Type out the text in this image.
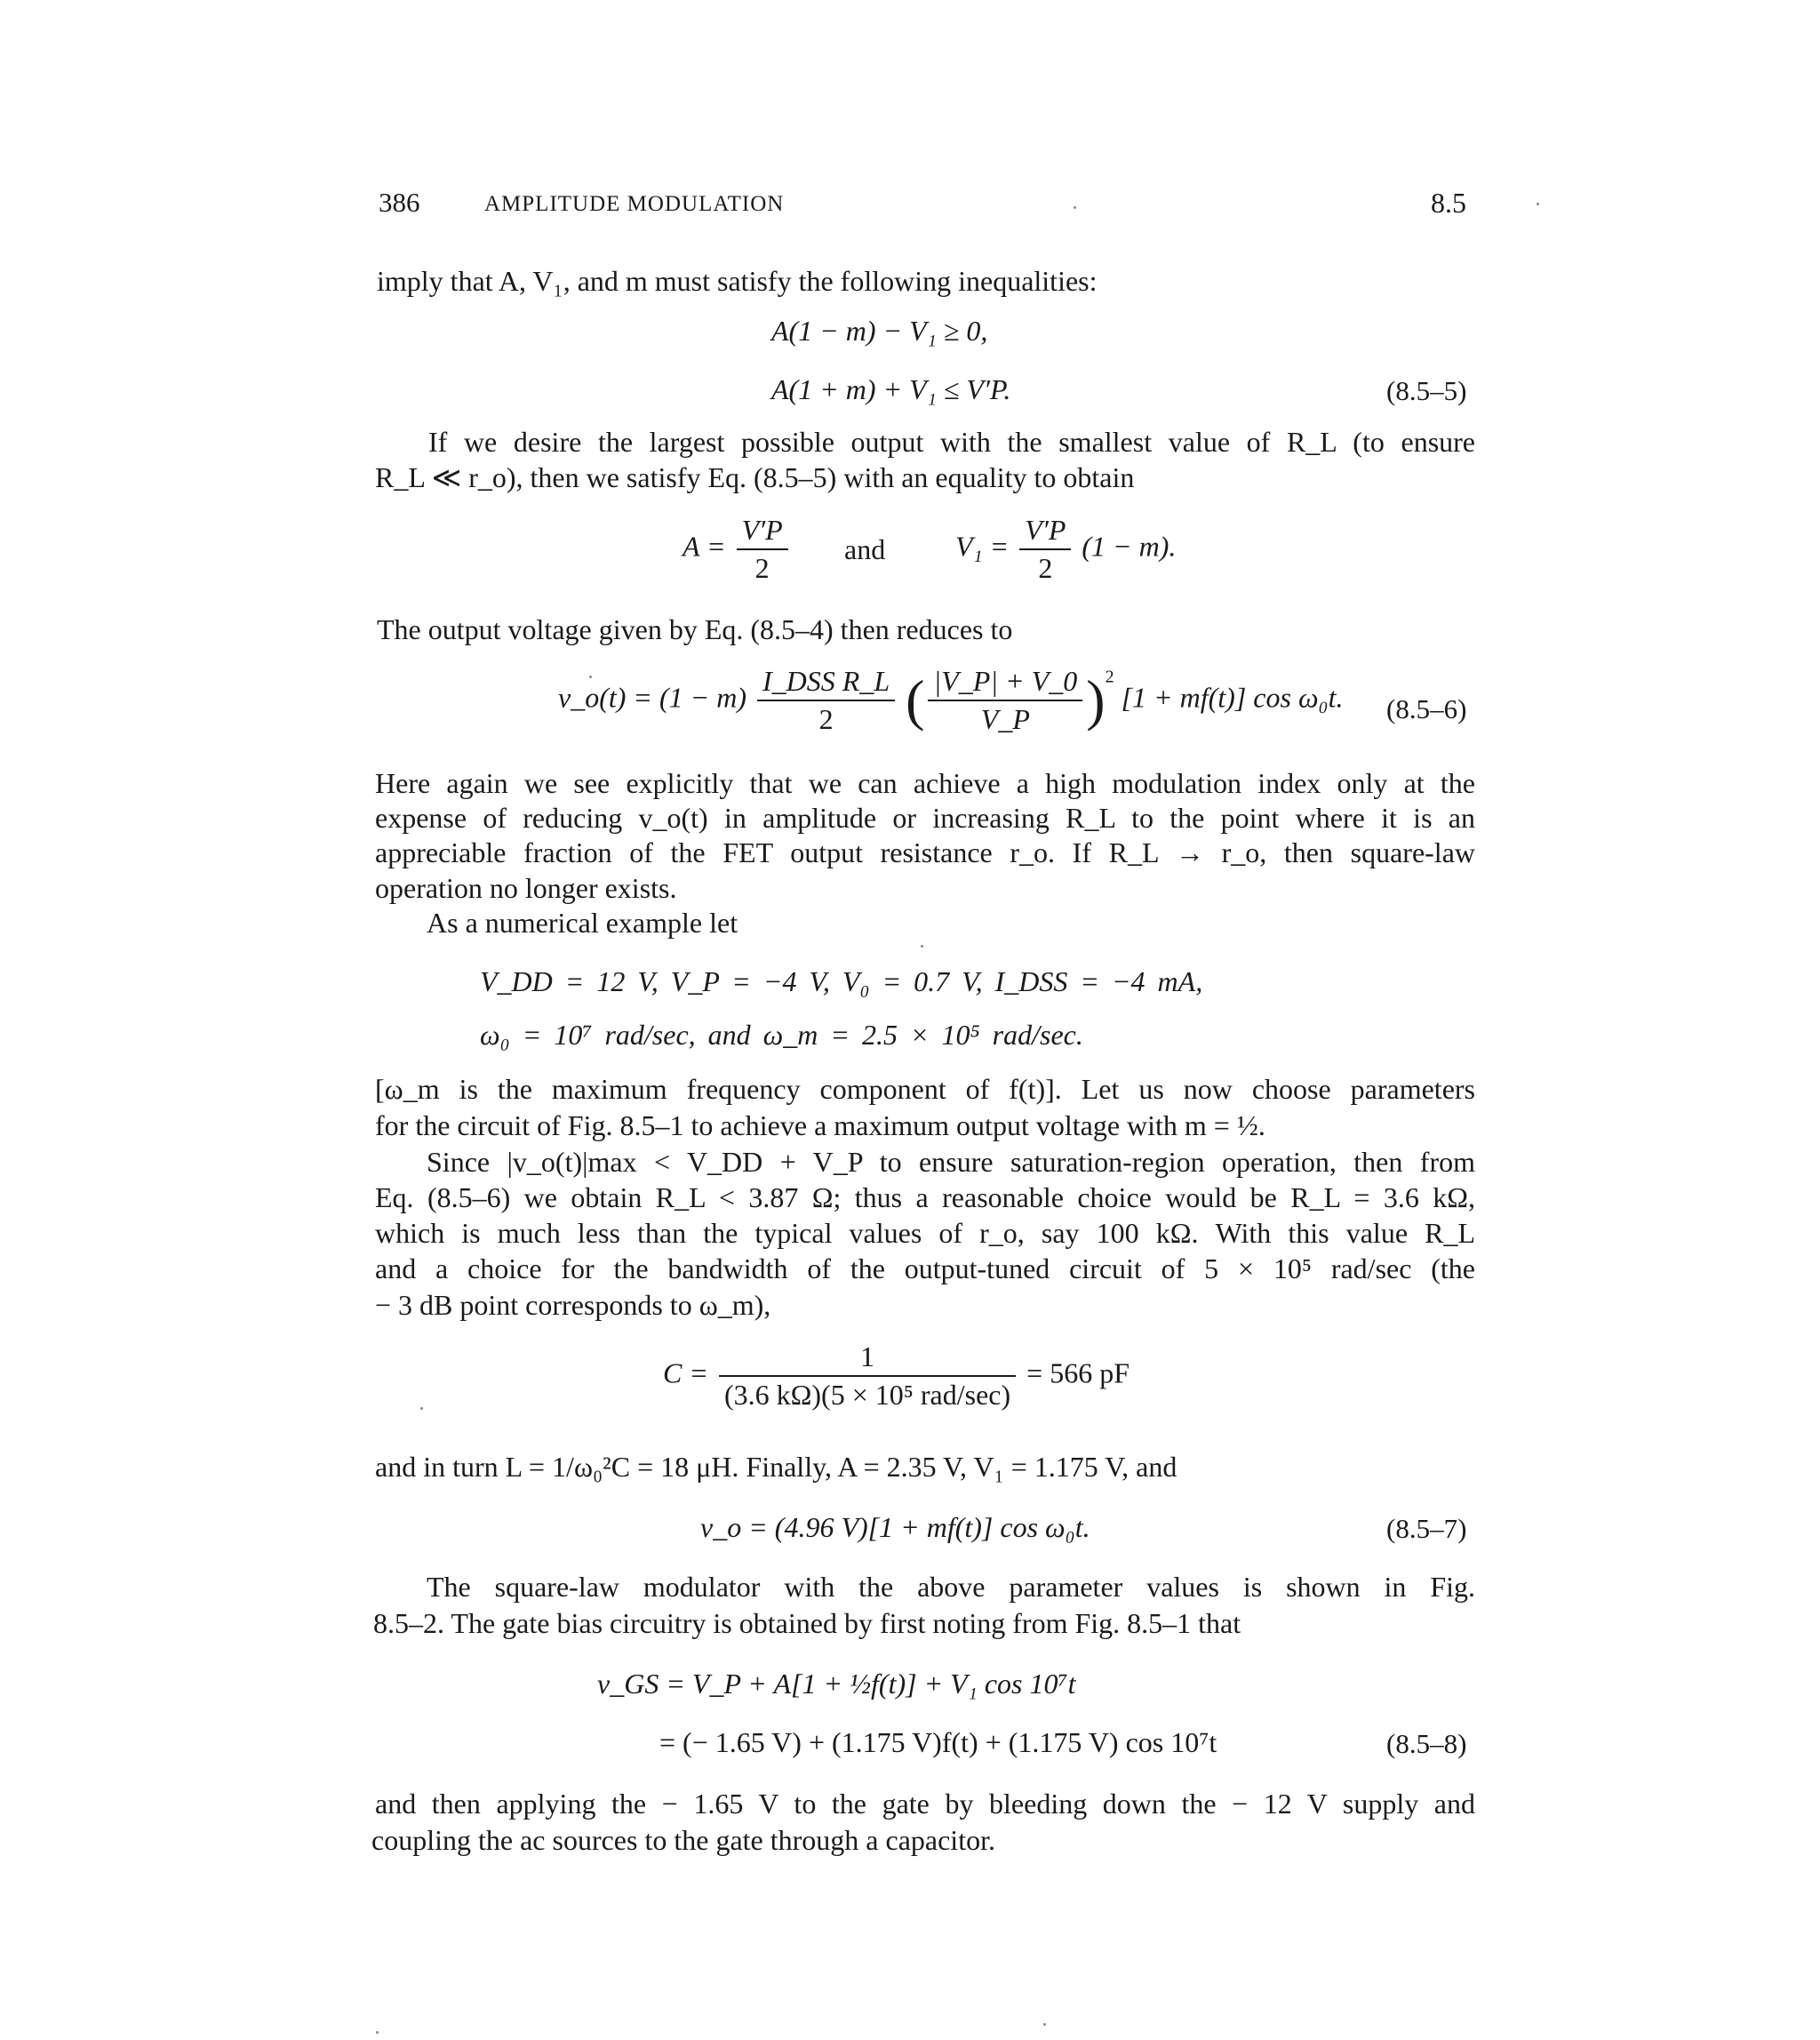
386	AMPLITUDE MODULATION	8.5
imply that A, V₁, and m must satisfy the following inequalities:
A(1 − m) − V₁ ≥ 0,
A(1 + m) + V₁ ≤ V′P.	(8.5–5)
If we desire the largest possible output with the smallest value of R_L (to ensure
R_L ≪ r_o), then we satisfy Eq. (8.5–5) with an equality to obtain
$A = \frac{V'P}{2}$ and $V_1 = \frac{V'P}{2} (1 - m)$.
The output voltage given by Eq. (8.5–4) then reduces to
v_o(t) = $(1 - m) \frac{\text{I\_DSS R\_L}}{2}$ ( $\frac{|V\_P| + V\_0}{V\_P} )^2$ [1 + mf(t)] cos ω₀t. (8.5–6)
Here again we see explicitly that we can achieve a high modulation index only at the
expense of reducing v_o(t) in amplitude or increasing R_L to the point where it is an
appreciable fraction of the FET output resistance r_o. If R_L → r_o, then square-law
operation no longer exists.
As a numerical example let
V_DD = 12 V, V_P = −4 V, V₀ = 0.7 V, I_DSS = −4 mA,
ω₀ = 10⁷ rad/sec, and ω_m = 2.5 × 10⁵ rad/sec.
[ω_m is the maximum frequency component of f(t)]. Let us now choose parameters
for the circuit of Fig. 8.5–1 to achieve a maximum output voltage with m = ½.
Since |v_o(t)|max < V_DD + V_P to ensure saturation-region operation, then from
Eq. (8.5–6) we obtain R_L < 3.87 Ω; thus a reasonable choice would be R_L = 3.6 kΩ,
which is much less than the typical values of r_o, say 100 kΩ. With this value R_L
and a choice for the bandwidth of the output-tuned circuit of 5 × 10⁵ rad/sec (the
− 3 dB point corresponds to ω_m),
$C = \frac{1}{\text{(3.6 kΩ)(5 × 10⁵ rad/sec)}} = 566$ pF
and in turn L = 1/ω₀²C = 18 μH. Finally, A = 2.35 V, V₁ = 1.175 V, and
v_o = (4.96 V)[1 + mf(t)] cos ω₀t.	(8.5–7)
The square-law modulator with the above parameter values is shown in Fig.
8.5–2. The gate bias circuitry is obtained by first noting from Fig. 8.5–1 that
v_GS = V_P + A[1 + ½f(t)] + V₁ cos 10⁷t
= (− 1.65 V) + (1.175 V)f(t) + (1.175 V) cos 10⁷t	(8.5–8)
and then applying the − 1.65 V to the gate by bleeding down the − 12 V supply and
coupling the ac sources to the gate through a capacitor.
